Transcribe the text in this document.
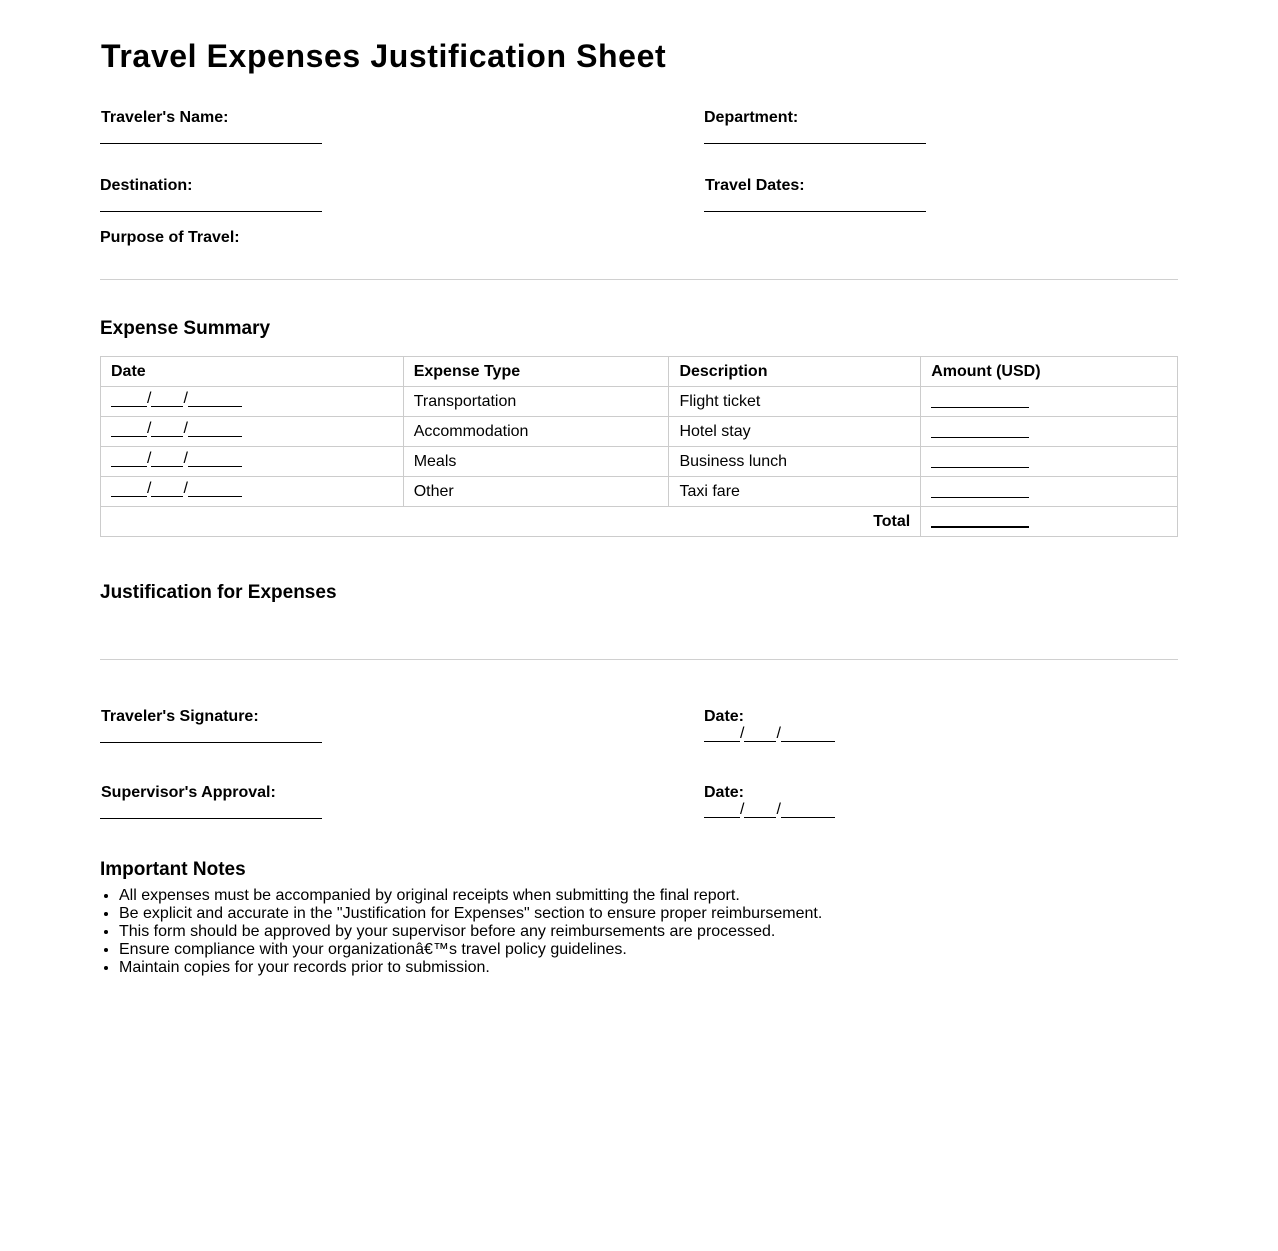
Travel Expenses Justification Sheet
Traveler's Name:	Department:
Destination:	Travel Dates:
Purpose of Travel:
Expense Summary
Date	Expense Type	Description	Amount (USD)

/ /	Transportation	Flight ticket	

/ /	Accommodation	Hotel stay	

/ /	Meals	Business lunch	

/ /	Other	Taxi fare	
Total			
Justification for Expenses
Traveler's Signature:	Date:
/ /
Supervisor's Approval:	Date:
/ /
Important Notes
• All expenses must be accompanied by original receipts when submitting the final report.
• Be explicit and accurate in the "Justification for Expenses" section to ensure proper reimbursement.
• This form should be approved by your supervisor before any reimbursements are processed.
• Ensure compliance with your organizationâ€™s travel policy guidelines.
• Maintain copies for your records prior to submission.
